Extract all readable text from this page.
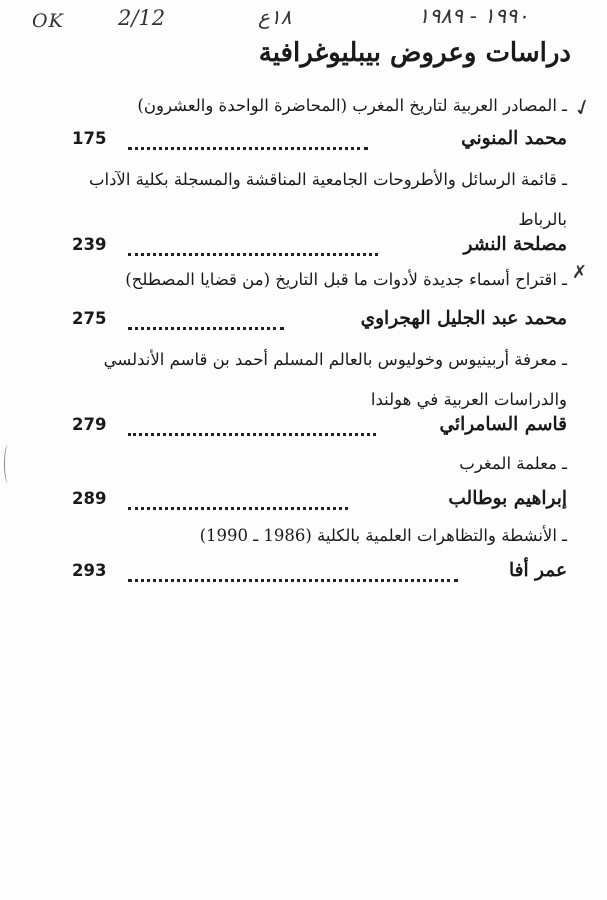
OK	2/12	١٨ع	١٩٩٠ - ١٩٨٩
دراسات وعروض بيبليوغرافية
✓
ـ المصادر العربية لتاريخ المغرب (المحاضرة الواحدة والعشرون)
175	محمد المنوني
ـ قائمة الرسائل والأطروحات الجامعية المناقشة والمسجلة بكلية الآداب بالرباط
239	مصلحة النشر
✗
ـ اقتراح أسماء جديدة لأدوات ما قبل التاريخ (من قضايا المصطلح)
275	محمد عبد الجليل الهجراوي
ـ معرفة أربينيوس وخوليوس بالعالم المسلم أحمد بن قاسم الأندلسي والدراسات العربية في هولندا
279	قاسم السامرائي
ـ معلمة المغرب
289	إبراهيم بوطالب
ـ الأنشطة والتظاهرات العلمية بالكلية (1986 ـ 1990)
293	عمر أفا
